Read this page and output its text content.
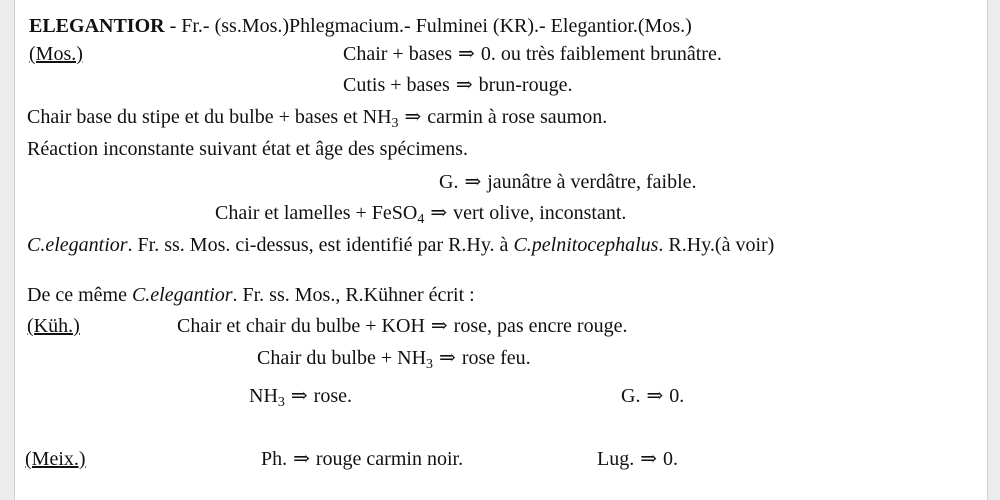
ELEGANTIOR - Fr.- (ss.Mos.)Phlegmacium.- Fulminei (KR).- Elegantior.(Mos.)
(Mos.)	Chair + bases ⇒ 0. ou très faiblement brunâtre.
Cutis + bases ⇒ brun-rouge.
Chair base du stipe et du bulbe + bases et $NH_3$ ⇒ carmin à rose saumon.
Réaction inconstante suivant état et âge des spécimens.
G. ⇒ jaunâtre à verdâtre, faible.
Chair et lamelles + FeSO$_4$ ⇒ vert olive, inconstant.
C.elegantior. Fr. ss. Mos. ci-dessus, est identifié par R.Hy. à C.pelnitocephalus. R.Hy.(à voir)
De ce même C.elegantior. Fr. ss. Mos., R.Kühner écrit :
(Küh.)	Chair et chair du bulbe + KOH ⇒ rose, pas encre rouge.
Chair du bulbe + $NH_3$ ⇒ rose feu.
$NH_3$ ⇒ rose.	G. ⇒ 0.
(Meix.)	Ph. ⇒ rouge carmin noir.	Lug. ⇒ 0.
